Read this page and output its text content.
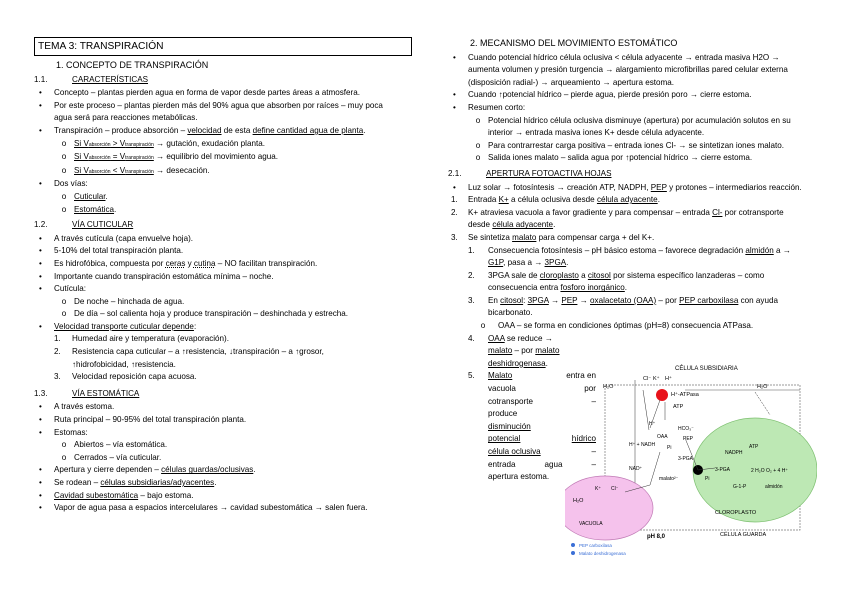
TEMA 3: TRANSPIRACIÓN
1. CONCEPTO DE TRANSPIRACIÓN
1.1.	CARACTERÍSTICAS
•	Concepto – plantas pierden agua en forma de vapor desde partes áreas a atmosfera.
•	Por este proceso – plantas pierden más del 90% agua que absorben por raíces – muy poca
agua será para reacciones metabólicas.
•	Transpiración – produce absorción – velocidad de esta define cantidad agua de planta.
o Si Vabsorción > Vtranspiración → gutación, exudación planta.
o Si Vabsorción = Vtranspiración → equilibrio del movimiento agua.
o Si Vabsorción < Vtranspiración → desecación.
•	Dos vías:
o Cuticular.
o Estomática.
1.2.	VÍA CUTICULAR
•	A través cutícula (capa envuelve hoja).
•	5-10% del total transpiración planta.
•	Es hidrofóbica, compuesta por ceras y cutina – NO facilitan transpiración.
•	Importante cuando transpiración estomática mínima – noche.
•	Cutícula:
o De noche – hinchada de agua.
o De día – sol calienta hoja y produce transpiración – deshinchada y estrecha.
•	Velocidad transporte cuticular depende:
1.	Humedad aire y temperatura (evaporación).
2.	Resistencia capa cuticular – a ↑resistencia, ↓transpiración – a ↑grosor,
↑hidrofobicidad, ↑resistencia.
3.	Velocidad reposición capa acuosa.
1.3.	VÍA ESTOMÁTICA
•	A través estoma.
•	Ruta principal – 90-95% del total transpiración planta.
•	Estomas:
o Abiertos – vía estomática.
o Cerrados – vía cuticular.
•	Apertura y cierre dependen – células guardas/oclusivas.
•	Se rodean – células subsidiarias/adyacentes.
•	Cavidad subestomática – bajo estoma.
•	Vapor de agua pasa a espacios intercelulares → cavidad subestomática → salen fuera.
2. MECANISMO DEL MOVIMIENTO ESTOMÁTICO
•	Cuando potencial hídrico célula oclusiva < célula adyacente → entrada masiva H2O →
aumenta volumen y presión turgencia → alargamiento microfibrillas pared celular externa
(disposición radial-) → arqueamiento → apertura estoma.
•	Cuando ↑potencial hídrico – pierde agua, pierde presión poro → cierre estoma.
•	Resumen corto:
o Potencial hídrico célula oclusiva disminuye (apertura) por acumulación solutos en su
interior → entrada masiva iones K+ desde célula adyacente.
o Para contrarrestar carga positiva – entrada iones Cl- → se sintetizan iones malato.
o Salida iones malato – salida agua por ↑potencial hídrico → cierre estoma.
2.1.	APERTURA FOTOACTIVA HOJAS
•	Luz solar → fotosíntesis → creación ATP, NADPH, PEP y protones – intermediarios reacción.
1.	Entrada K+ a célula oclusiva desde célula adyacente.
2.	K+ atraviesa vacuola a favor gradiente y para compensar – entrada Cl- por cotransporte
desde célula adyacente.
3.	Se sintetiza malato para compensar carga + del K+.
1.	Consecuencia fotosíntesis – pH básico estoma – favorece degradación almidón a →
G1P, pasa a → 3PGA.
2.	3PGA sale de cloroplasto a citosol por sistema específico lanzaderas – como
consecuencia entra fosforo inorgánico.
3.	En citosol: 3PGA → PEP → oxalacetato (OAA) – por PEP carboxilasa con ayuda
bicarbonato.
o	OAA – se forma en condiciones óptimas (pH=8) consecuencia ATPasa.
4.	OAA se reduce →
malato – por malato
deshidrogenasa.
5.	Malato	entra en
vacuola	por
cotransporte	–
produce
disminución
potencial	hídrico
célula oclusiva	–
entrada	agua	–
apertura estoma.
CÉLULA SUBSIDIARIA
H₂O
Cl⁻ K⁺ H⁺
H⁺-ATPasa
ATP
H₂O
H⁺
HCO₃⁻
OAA	PEP
H⁺ + NADH Pi
3-PGA
NAD⁺
malato²⁻
K⁺ Cl⁻
H₂O
VACUOLA
NADPH
ATP
3-PGA
Pi
2 H₂O O₂ + 4 H⁺
G-1-P	almidón
CLOROPLASTO
pH 8,0	CÉLULA GUARDA
PEP carboxilasa
Malato deshidrogenasa
